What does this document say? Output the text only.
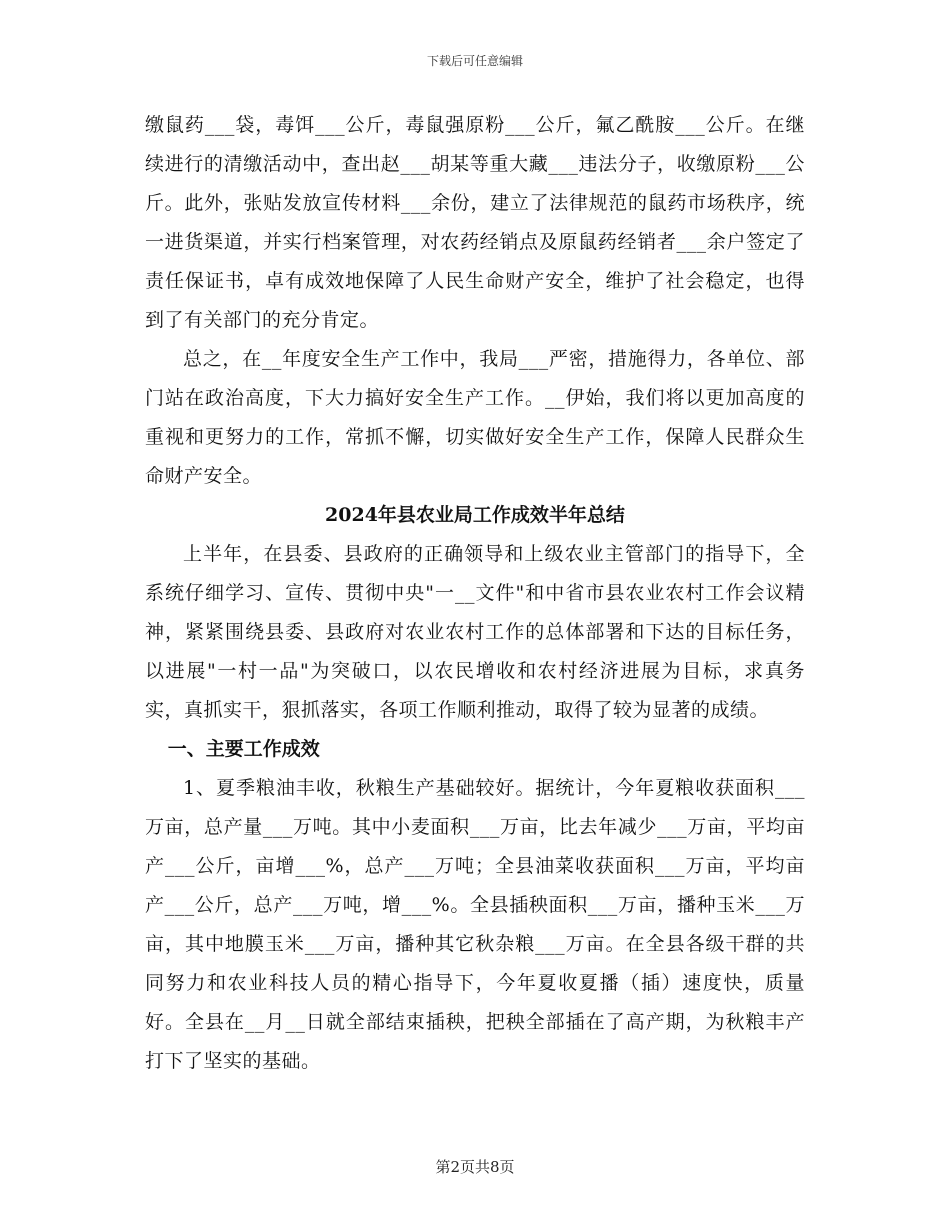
下载后可任意编辑

缴鼠药___袋，毒饵___公斤，毒鼠强原粉___公斤，氟乙酰胺___公斤。在继续进行的清缴活动中，查出赵___胡某等重大藏___违法分子，收缴原粉___公斤。此外，张贴发放宣传材料___余份，建立了法律规范的鼠药市场秩序，统一进货渠道，并实行档案管理，对农药经销点及原鼠药经销者___余户签定了责任保证书，卓有成效地保障了人民生命财产安全，维护了社会稳定，也得到了有关部门的充分肯定。

总之，在__年度安全生产工作中，我局___严密，措施得力，各单位、部门站在政治高度，下大力搞好安全生产工作。__伊始，我们将以更加高度的重视和更努力的工作，常抓不懈，切实做好安全生产工作，保障人民群众生命财产安全。

2024年县农业局工作成效半年总结

上半年，在县委、县政府的正确领导和上级农业主管部门的指导下，全系统仔细学习、宣传、贯彻中央"一__文件"和中省市县农业农村工作会议精神，紧紧围绕县委、县政府对农业农村工作的总体部署和下达的目标任务，以进展"一村一品"为突破口，以农民增收和农村经济进展为目标，求真务实，真抓实干，狠抓落实，各项工作顺利推动，取得了较为显著的成绩。

一、主要工作成效

1、夏季粮油丰收，秋粮生产基础较好。据统计，今年夏粮收获面积___万亩，总产量___万吨。其中小麦面积___万亩，比去年减少___万亩，平均亩产___公斤，亩增___%，总产___万吨；全县油菜收获面积___万亩，平均亩产___公斤，总产___万吨，增___%。全县插秧面积___万亩，播种玉米___万亩，其中地膜玉米___万亩，播种其它秋杂粮___万亩。在全县各级干群的共同努力和农业科技人员的精心指导下，今年夏收夏播（插）速度快，质量好。全县在__月__日就全部结束插秧，把秧全部插在了高产期，为秋粮丰产打下了坚实的基础。

第2页共8页
